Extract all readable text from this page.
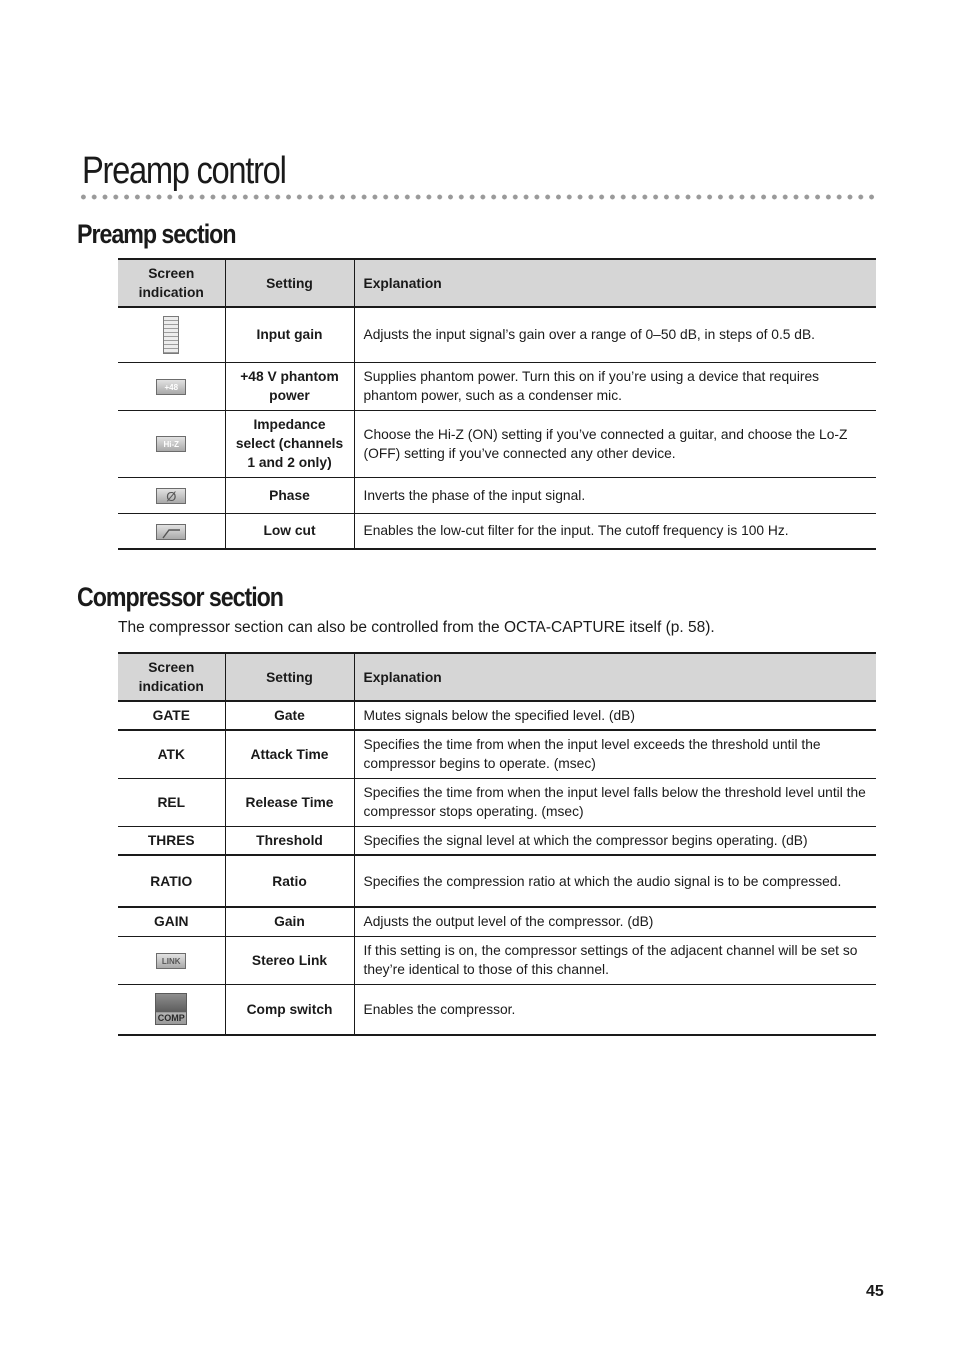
Preamp control
Preamp section
Screen indication	Setting	Explanation
	Input gain	Adjusts the input signal’s gain over a range of 0–50 dB, in steps of 0.5 dB.
+48	+48 V phantom power	Supplies phantom power. Turn this on if you’re using a device that requires phantom power, such as a condenser mic.
Hi-Z	Impedance select (channels 1 and 2 only)	Choose the Hi-Z (ON) setting if you’ve connected a guitar, and choose the Lo-Z (OFF) setting if you’ve connected any other device.
Ø	Phase	Inverts the phase of the input signal.
	Low cut	Enables the low-cut filter for the input. The cutoff frequency is 100 Hz.
Compressor section

The compressor section can also be controlled from the OCTA-CAPTURE itself (p. 58).

Screen indication	Setting	Explanation
GATE	Gate	Mutes signals below the specified level. (dB)
ATK	Attack Time	Specifies the time from when the input level exceeds the threshold until the compressor begins to operate. (msec)
REL	Release Time	Specifies the time from when the input level falls below the threshold level until the compressor stops operating. (msec)
THRES	Threshold	Specifies the signal level at which the compressor begins operating. (dB)
RATIO	Ratio	Specifies the compression ratio at which the audio signal is to be compressed.
GAIN	Gain	Adjusts the output level of the compressor. (dB)
LINK	Stereo Link	If this setting is on, the compressor settings of the adjacent channel will be set so they’re identical to those of this channel.

COMP	Comp switch	Enables the compressor.

45
